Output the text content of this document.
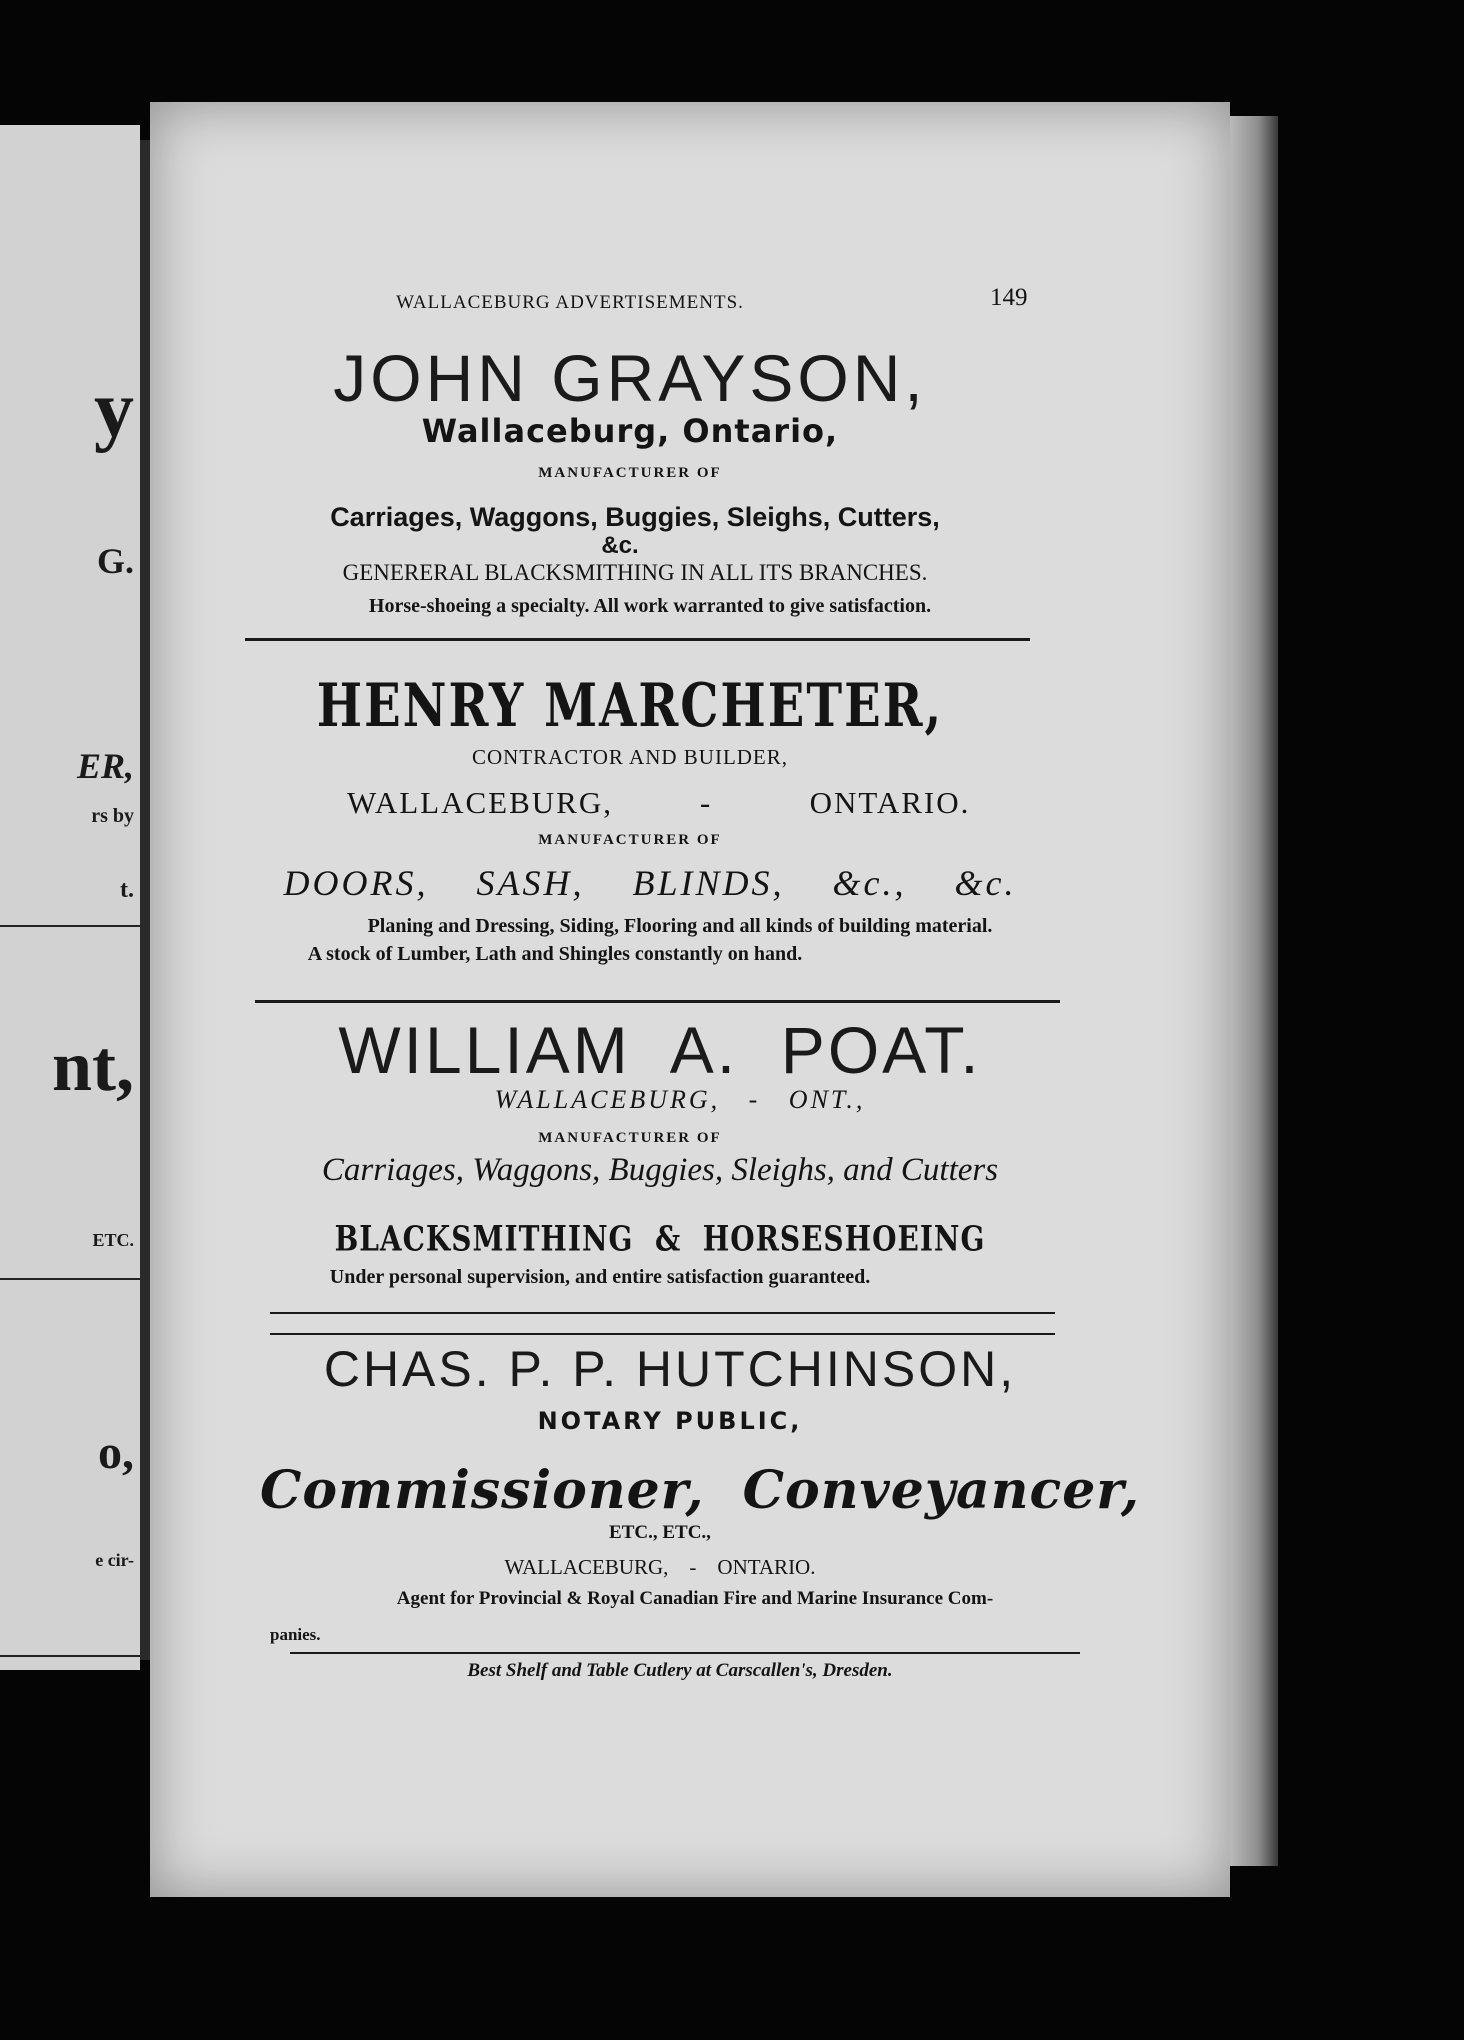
y
G.
ER,
rs by
t.
nt,
ETC.
o,
e cir-
WALLACEBURG ADVERTISEMENTS.	149
JOHN GRAYSON,
Wallaceburg, Ontario,
MANUFACTURER OF
Carriages, Waggons, Buggies, Sleighs, Cutters,
&c.
GENERERAL BLACKSMITHING IN ALL ITS BRANCHES.
Horse-shoeing a specialty. All work warranted to give satisfaction.
HENRY MARCHETER,
CONTRACTOR AND BUILDER,
WALLACEBURG,	-	ONTARIO.
MANUFACTURER OF
DOORS,    SASH,    BLINDS,    &c.,    &c.
Planing and Dressing, Siding, Flooring and all kinds of building material.
A stock of Lumber, Lath and Shingles constantly on hand.
WILLIAM  A.  POAT.
WALLACEBURG,   -   ONT.,
MANUFACTURER OF
Carriages, Waggons, Buggies, Sleighs, and Cutters
BLACKSMITHING  &  HORSESHOEING
Under personal supervision, and entire satisfaction guaranteed.
CHAS. P. P. HUTCHINSON,
NOTARY PUBLIC,
Commissioner,  Conveyancer,
ETC., ETC.,
WALLACEBURG,    -    ONTARIO.
Agent for Provincial & Royal Canadian Fire and Marine Insurance Com-
panies.
Best Shelf and Table Cutlery at Carscallen's, Dresden.
